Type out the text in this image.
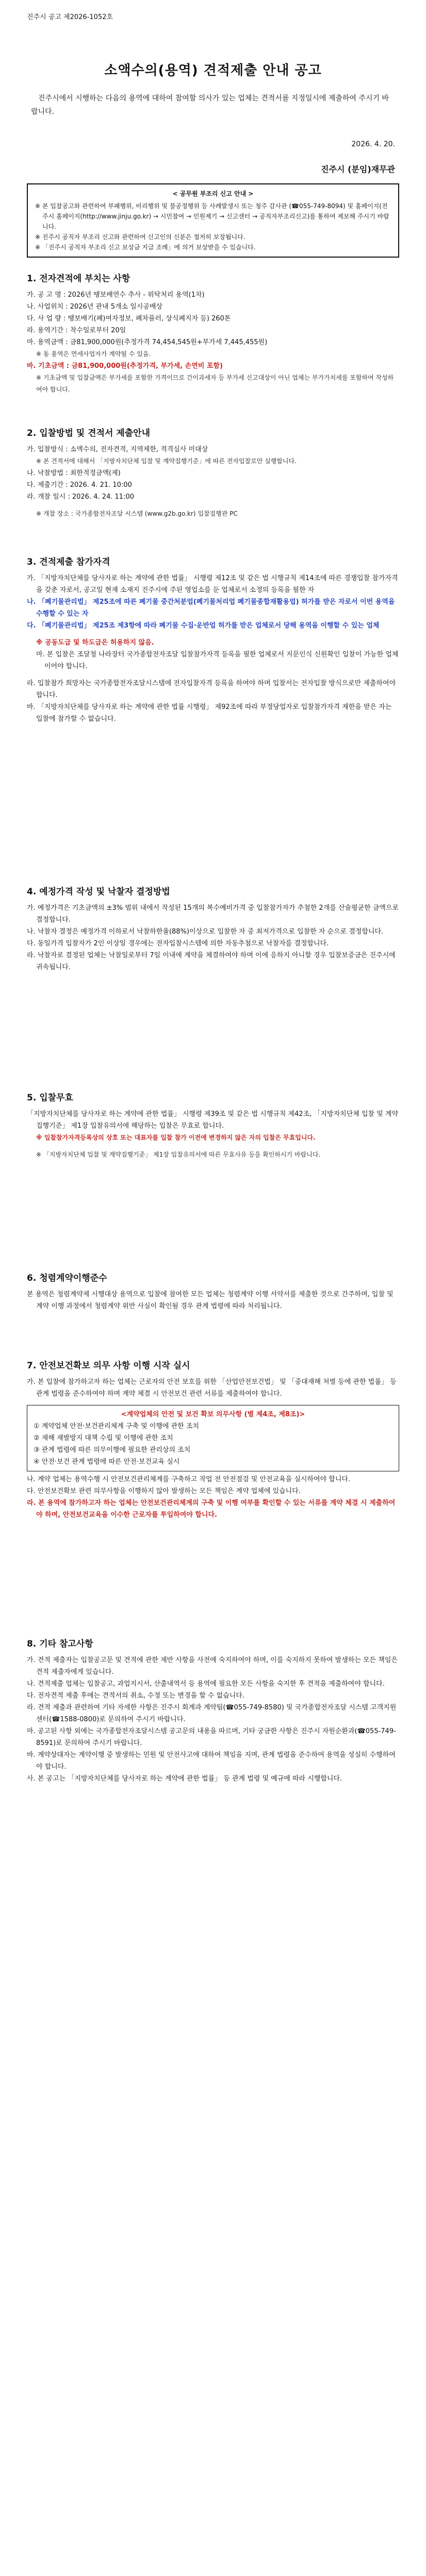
진주시 공고 제2026-1052호
소액수의(용역) 견적제출 안내 공고
진주시에서 시행하는 다음의 용역에 대하여 참여할 의사가 있는 업체는 견적서를 지정일시에 제출하여 주시기 바랍니다.
2026. 4. 20.
진주시 (분임)재무관
< 공무원 부조리 신고 안내 >
※ 본 입찰공고와 관련하여 부패행위, 비리행위 및 불공정행위 등 사례발생시 또는 청주 감사관 (☎055-749-8094) 및 홈페이지(전주시 홈페이지(http://www.jinju.go.kr) → 시민참여 → 민원제기 → 신고센터 → 공직자부조리신고)를 통하여 제보해 주시기 바랍니다.
※ 진주시 공직자 부조리 신고와 관련하여 신고인의 신분은 철저히 보장됩니다.
※ 「진주시 공직자 부조리 신고 보상금 지급 조례」에 의거 보상받을 수 있습니다.
1. 전자견적에 부치는 사항
가. 공 고 명 : 2026년 땡보배연수 추사 - 위탁처리 용역(1차)
나. 사업위치 : 2026년 관내 5개소 일시공배상
다. 사 업 량 : 땡보배기(폐)여자정보, 폐차플러, 상식폐지자 등) 260톤
라. 용역기간 : 착수일로부터 20일
마. 용역금액 : 금81,900,000원(추정가격 74,454,545원+부가세 7,445,455원)
※ 동 용역은 면세사업자가 계약될 수 있음.
바. 기초금액 : 금81,900,000원(추정가격, 부가세, 손연비 포함)
※ 기초금액 및 입찰금액은 부가세를 포함한 가격이므로 간이과세자 등 부가세 신고대상이 아닌 업체는 부가가치세를 포함하여 작성하여야 합니다.
2. 입찰방법 및 견적서 제출안내
가. 입찰방식 : 소액수의, 전자견적, 지역제한, 적격심사 미대상
※ 본 견적서에 대해서 「지방자치단체 입찰 및 계약집행기준」에 따른 전자입찰로만 실행합니다.
나. 낙찰방법 : 최한적정금액(제)
다. 제출기간 : 2026. 4. 21. 10:00
라. 개찰 일시 : 2026. 4. 24. 11:00
※ 개찰 장소 : 국가종합전자조달 시스템 (www.g2b.go.kr) 입찰집행관 PC
3. 견적제출 참가자격
가. 「지방자치단체를 당사자로 하는 계약에 관한 법률」 시행령 제12조 및 같은 법 시행규칙 제14조에 따른 경쟁입찰 참가자격을 갖춘 자로서, 공고일 현재 소재지 진주시에 주된 영업소를 둔 업체로서 소정의 등록을 필한 자
나. 「폐기물관리법」 제25조에 따른 폐기물 중간처분업(폐기물처리업 폐기물종합재활용업) 허가를 받은 자로서 이번 용역을 수행할 수 있는 자
다. 「폐기물관리법」 제25조 제3항에 따라 폐기물 수집·운반업 허가를 받은 업체로서 당해 용역을 이행할 수 있는 업체
※ 공동도급 및 하도급은 허용하지 않음.
마. 본 입찰은 조달청 나라장터 국가종합전자조달 입찰참가자격 등록을 필한 업체로서 지문인식 신원확인 입찰이 가능한 업체이어야 합니다.
라. 입찰참가 희망자는 국가종합전자조달시스템에 전자입찰자격 등록을 하여야 하며 입찰서는 전자입찰 방식으로만 제출하여야 합니다.
바. 「지방자치단체를 당사자로 하는 계약에 관한 법률 시행령」 제92조에 따라 부정당업자로 입찰참가자격 제한을 받은 자는 입찰에 참가할 수 없습니다.
4. 예정가격 작성 및 낙찰자 결정방법
가. 예정가격은 기초금액의 ±3% 범위 내에서 작성된 15개의 복수예비가격 중 입찰참가자가 추첨한 2개를 산술평균한 금액으로 결정합니다.
나. 낙찰자 결정은 예정가격 이하로서 낙찰하한율(88%)이상으로 입찰한 자 중 최저가격으로 입찰한 자 순으로 결정합니다.
다. 동일가격 입찰자가 2인 이상일 경우에는 전자입찰시스템에 의한 자동추첨으로 낙찰자를 결정합니다.
라. 낙찰자로 결정된 업체는 낙찰일로부터 7일 이내에 계약을 체결하여야 하며 이에 응하지 아니할 경우 입찰보증금은 진주시에 귀속됩니다.
5. 입찰무효
「지방자치단체를 당사자로 하는 계약에 관한 법률」 시행령 제39조 및 같은 법 시행규칙 제42조, 「지방자치단체 입찰 및 계약집행기준」 제1장 입찰유의서에 해당하는 입찰은 무효로 합니다.
※ 입찰참가자격등록상의 상호 또는 대표자를 입찰 참가 이전에 변경하지 않은 자의 입찰은 무효입니다.
※ 「지방자치단체 입찰 및 계약집행기준」 제1장 입찰유의서에 따른 무효사유 등을 확인하시기 바랍니다.
6. 청렴계약이행준수
본 용역은 청렴계약제 시행대상 용역으로 입찰에 참여한 모든 업체는 청렴계약 이행 서약서를 제출한 것으로 간주하며, 입찰 및 계약 이행 과정에서 청렴계약 위반 사실이 확인될 경우 관계 법령에 따라 처리됩니다.
7. 안전보건확보 의무 사항 이행 시작 실시
가. 본 입찰에 참가하고자 하는 업체는 근로자의 안전 보호를 위한 「산업안전보건법」 및 「중대재해 처벌 등에 관한 법률」 등 관계 법령을 준수하여야 하며 계약 체결 시 안전보건 관련 서류를 제출하여야 합니다.
<계약업체의 안전 및 보건 확보 의무사항 (별 제4조, 제8조)>
① 계약업체 안전·보건관리체계 구축 및 이행에 관한 조치
② 재해 재발방지 대책 수립 및 이행에 관한 조치
③ 관계 법령에 따른 의무이행에 필요한 관리상의 조치
④ 안전·보건 관계 법령에 따른 안전·보건교육 실시
나. 계약 업체는 용역수행 시 안전보건관리체계를 구축하고 작업 전 안전점검 및 안전교육을 실시하여야 합니다.
다. 안전보건확보 관련 의무사항을 이행하지 않아 발생하는 모든 책임은 계약 업체에 있습니다.
라. 본 용역에 참가하고자 하는 업체는 안전보건관리체계의 구축 및 이행 여부를 확인할 수 있는 서류를 계약 체결 시 제출하여야 하며, 안전보건교육을 이수한 근로자를 투입하여야 합니다.
8. 기타 참고사항
가. 견적 제출자는 입찰공고문 및 견적에 관한 제반 사항을 사전에 숙지하여야 하며, 이를 숙지하지 못하여 발생하는 모든 책임은 견적 제출자에게 있습니다.
나. 견적제출 업체는 입찰공고, 과업지시서, 산출내역서 등 용역에 필요한 모든 사항을 숙지한 후 견적을 제출하여야 합니다.
다. 전자견적 제출 후에는 견적서의 취소, 수정 또는 변경을 할 수 없습니다.
라. 견적 제출과 관련하여 기타 자세한 사항은 진주시 회계과 계약팀(☎055-749-8580) 및 국가종합전자조달 시스템 고객지원센터(☎1588-0800)로 문의하여 주시기 바랍니다.
마. 공고된 사항 외에는 국가종합전자조달시스템 공고문의 내용을 따르며, 기타 궁금한 사항은 진주시 자원순환과(☎055-749-8591)로 문의하여 주시기 바랍니다.
바. 계약상대자는 계약이행 중 발생하는 민원 및 안전사고에 대하여 책임을 지며, 관계 법령을 준수하여 용역을 성실히 수행하여야 합니다.
사. 본 공고는 「지방자치단체를 당사자로 하는 계약에 관한 법률」 등 관계 법령 및 예규에 따라 시행합니다.
